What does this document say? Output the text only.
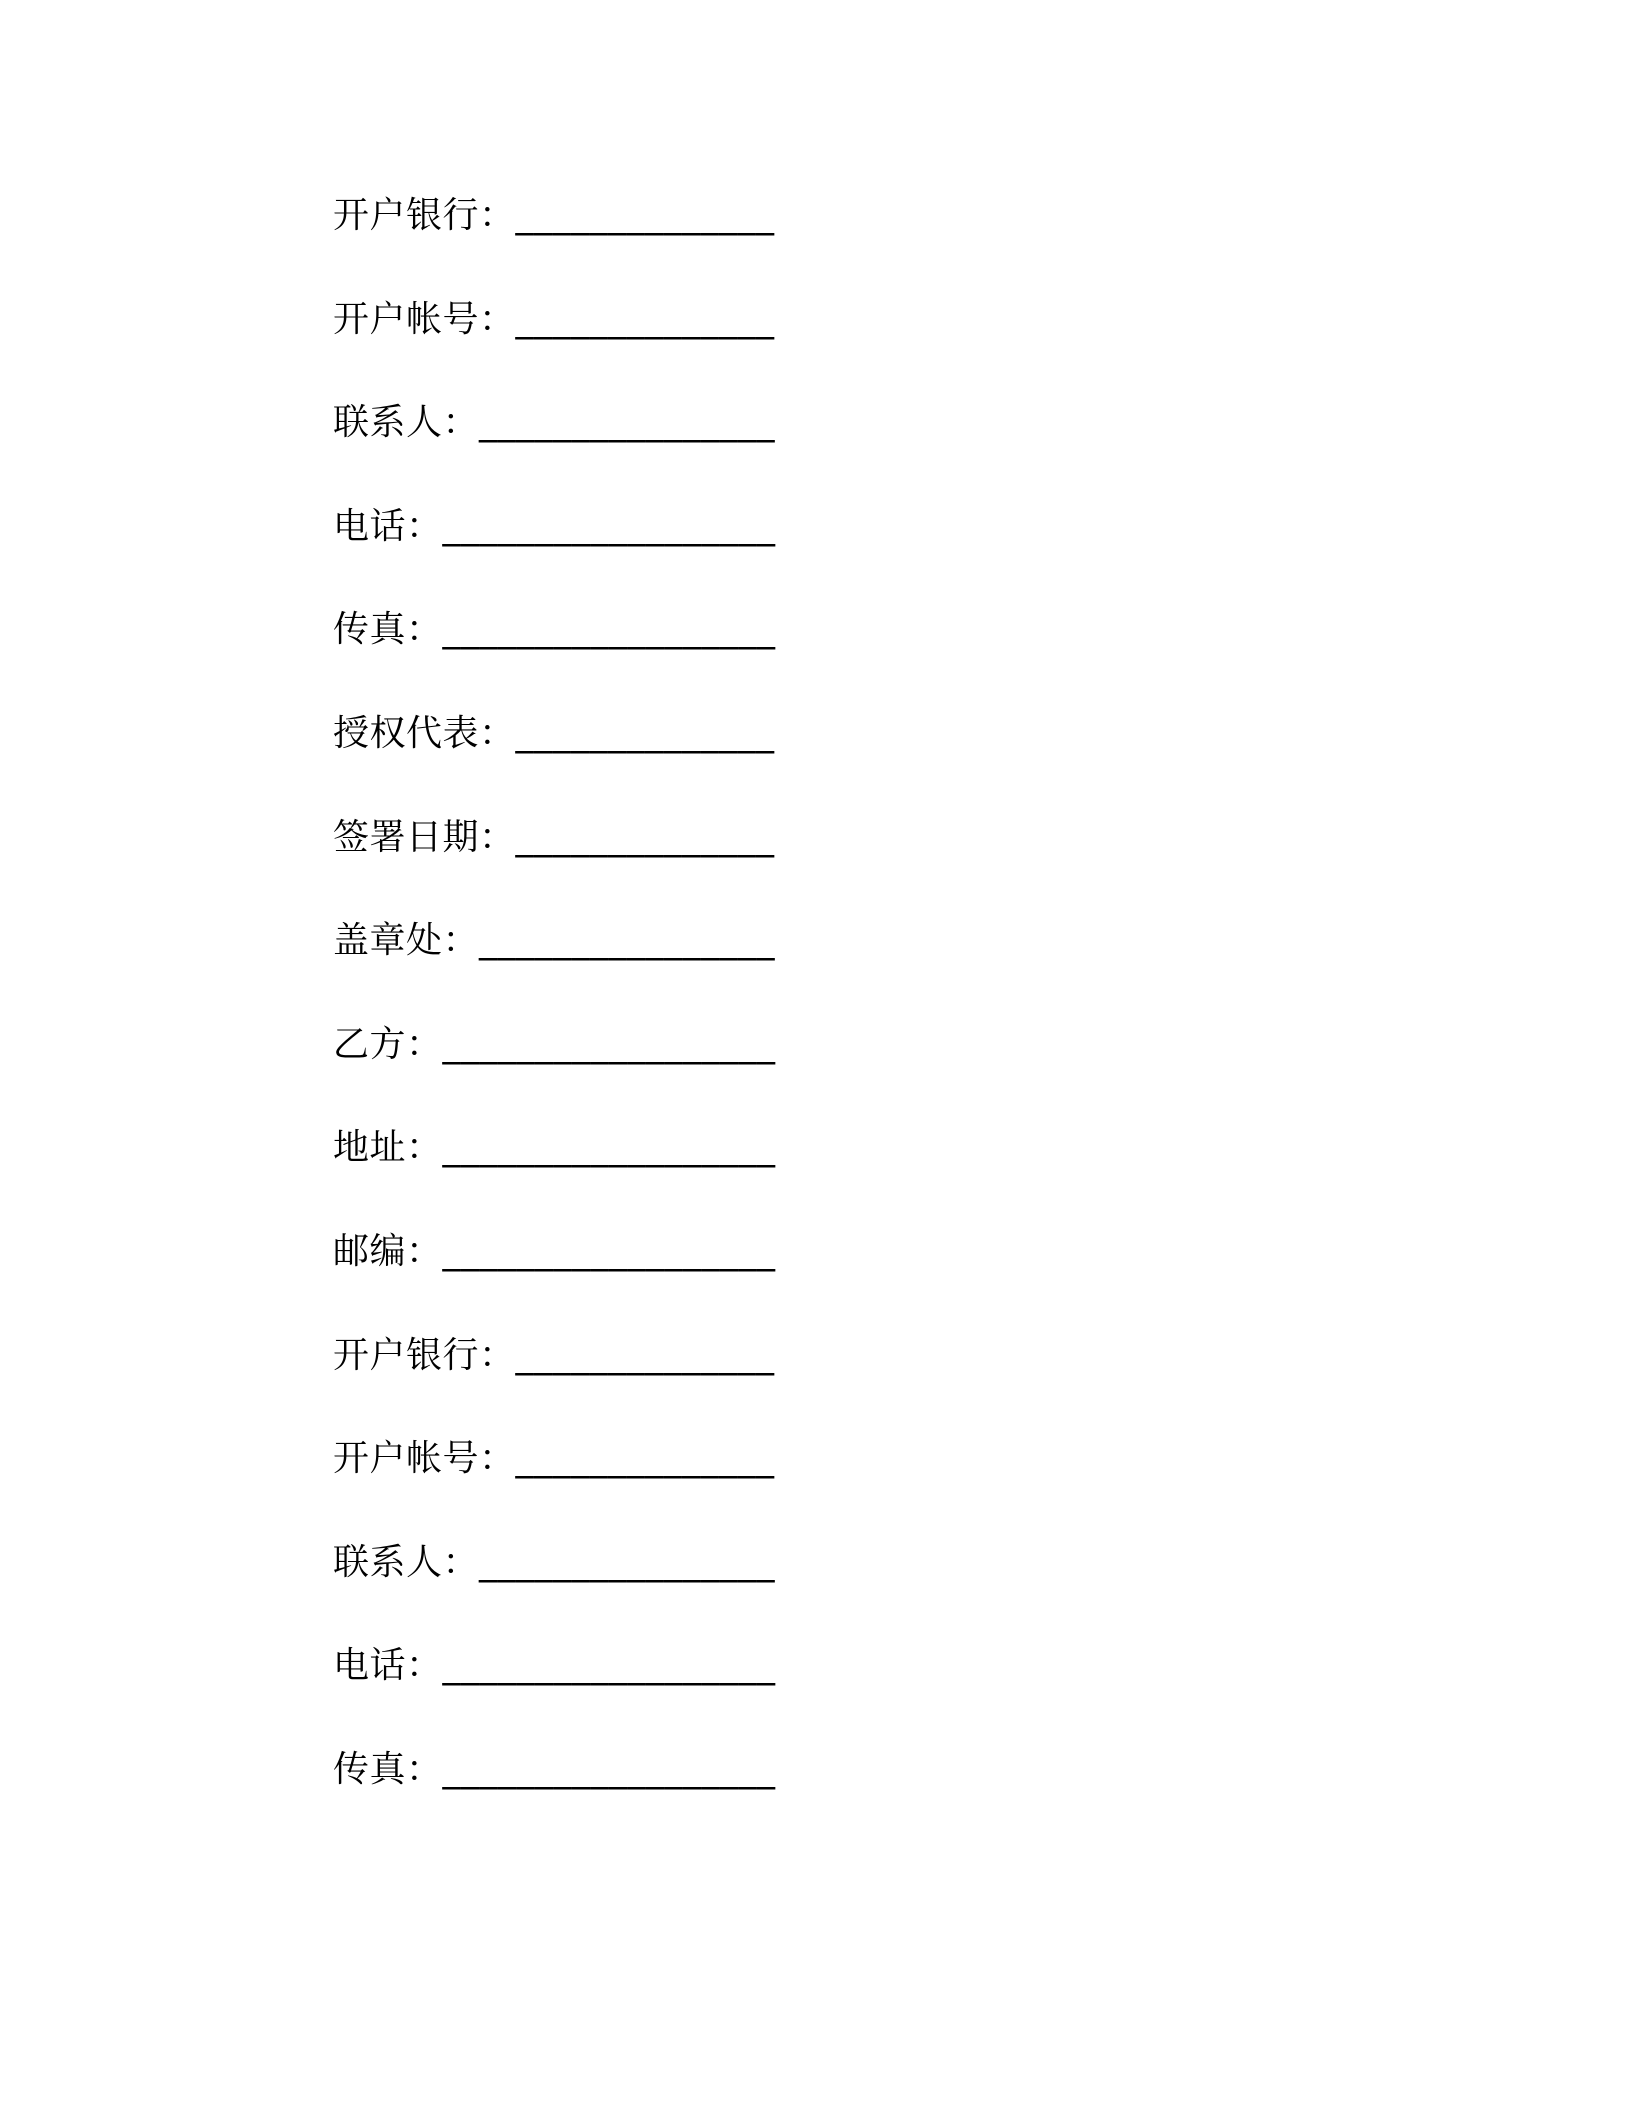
开户银行：______________
开户帐号：______________
联系人：________________
电话：__________________
传真：__________________
授权代表：______________
签署日期：______________
盖章处：________________
乙方：__________________
地址：__________________
邮编：__________________
开户银行：______________
开户帐号：______________
联系人：________________
电话：__________________
传真：__________________
